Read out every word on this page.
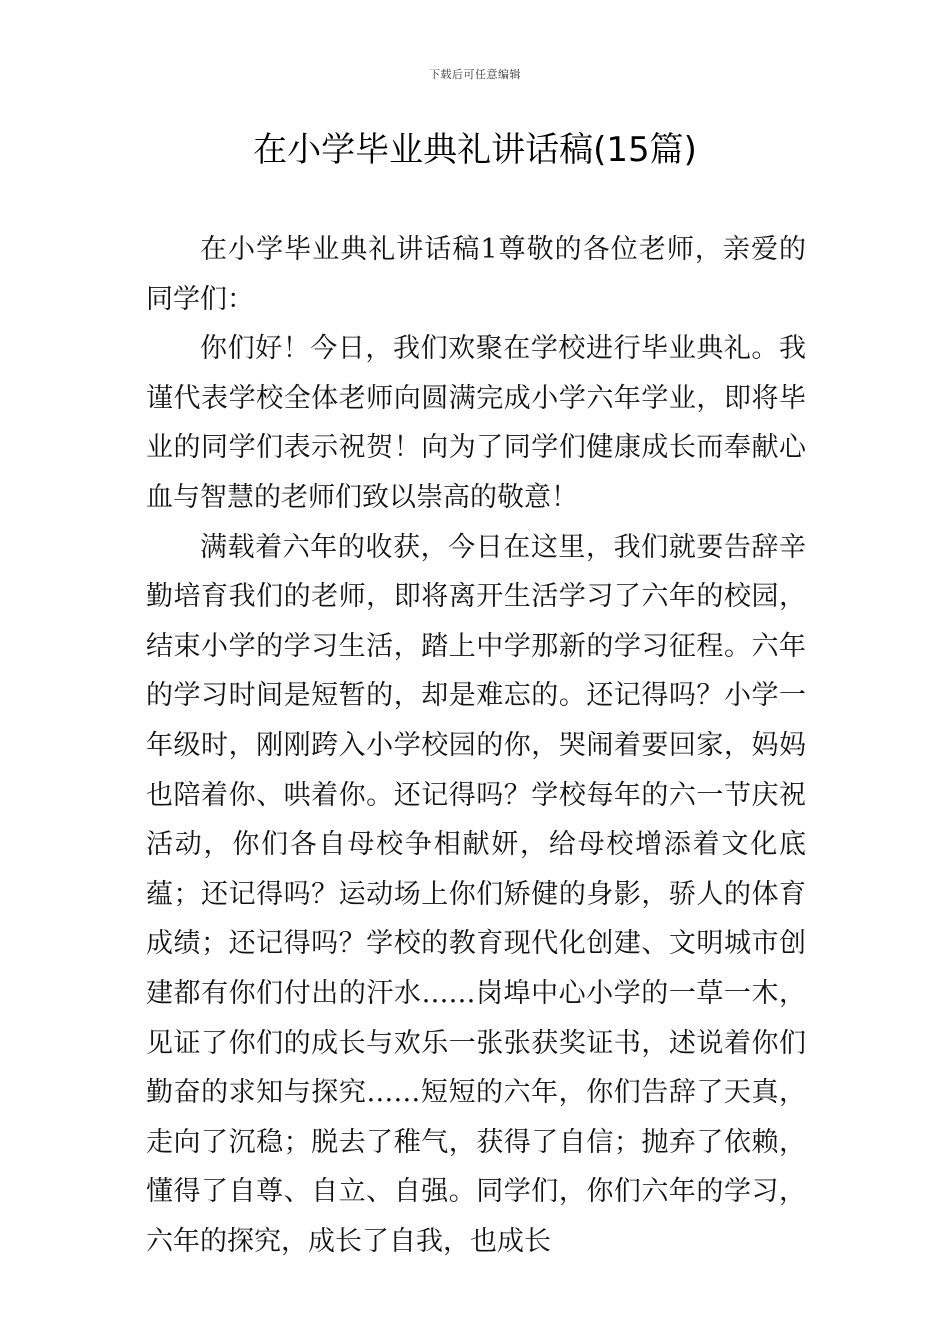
下载后可任意编辑
在小学毕业典礼讲话稿(15篇)

在小学毕业典礼讲话稿1尊敬的各位老师，亲爱的同学们：

你们好！今日，我们欢聚在学校进行毕业典礼。我谨代表学校全体老师向圆满完成小学六年学业，即将毕业的同学们表示祝贺！向为了同学们健康成长而奉献心血与智慧的老师们致以崇高的敬意！

满载着六年的收获，今日在这里，我们就要告辞辛勤培育我们的老师，即将离开生活学习了六年的校园，结束小学的学习生活，踏上中学那新的学习征程。六年的学习时间是短暂的，却是难忘的。还记得吗？小学一年级时，刚刚跨入小学校园的你，哭闹着要回家，妈妈也陪着你、哄着你。还记得吗？学校每年的六一节庆祝活动，你们各自母校争相献妍，给母校增添着文化底蕴；还记得吗？运动场上你们矫健的身影，骄人的体育成绩；还记得吗？学校的教育现代化创建、文明城市创建都有你们付出的汗水……岗埠中心小学的一草一木，见证了你们的成长与欢乐一张张获奖证书，述说着你们勤奋的求知与探究……短短的六年，你们告辞了天真，走向了沉稳；脱去了稚气，获得了自信；抛弃了依赖，懂得了自尊、自立、自强。同学们，你们六年的学习，六年的探究，成长了自我，也成长
